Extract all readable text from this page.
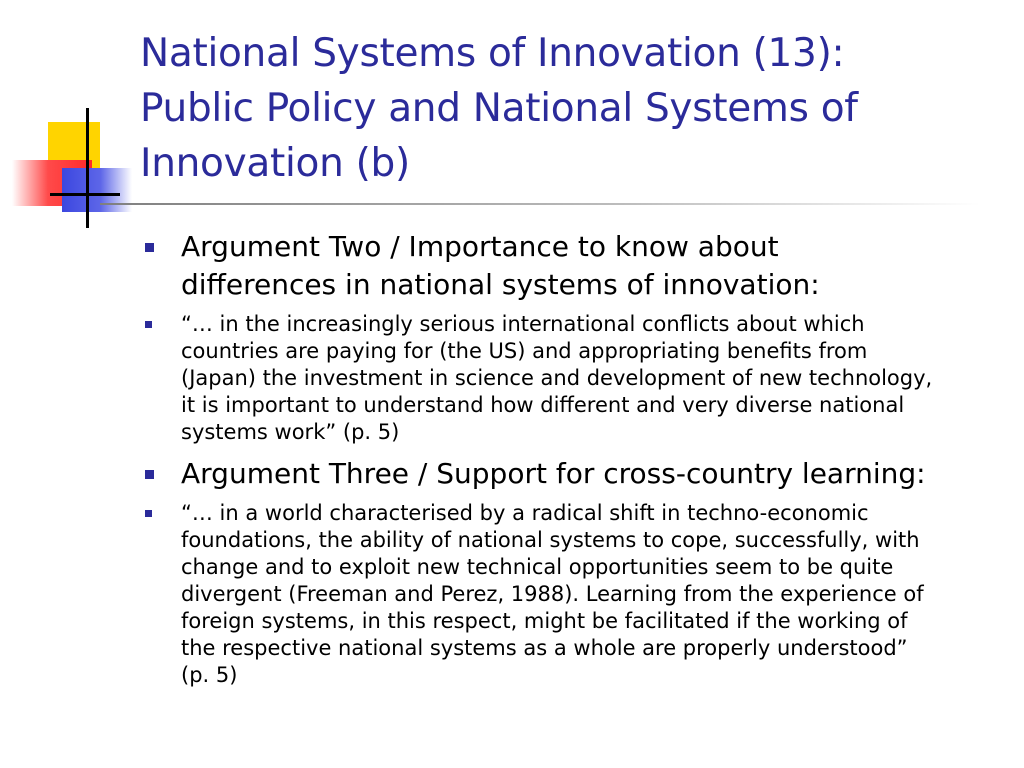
National Systems of Innovation (13):
Public Policy and National Systems of
Innovation (b)
Argument Two / Importance to know about
differences in national systems of innovation:
“… in the increasingly serious international conflicts about which
countries are paying for (the US) and appropriating benefits from
(Japan) the investment in science and development of new technology,
it is important to understand how different and very diverse national
systems work” (p. 5)
Argument Three / Support for cross-country learning:
“… in a world characterised by a radical shift in techno-economic
foundations, the ability of national systems to cope, successfully, with
change and to exploit new technical opportunities seem to be quite
divergent (Freeman and Perez, 1988). Learning from the experience of
foreign systems, in this respect, might be facilitated if the working of
the respective national systems as a whole are properly understood”
(p. 5)
